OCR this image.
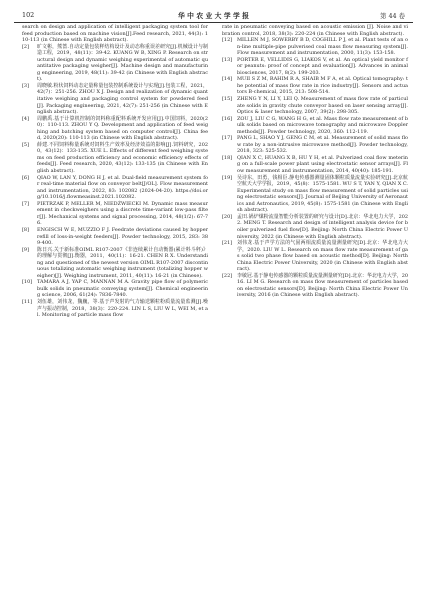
102	华 中 农 业 大 学 学 报	第 44 卷

search on design and application of intelligent packaging system tool for feed production based on machine vision[J].Feed research, 2021, 44(3): 110-113 (in Chinese with English abstract).

[2] 旷文彬，熊蔷.自动定量包装秤结构设计及动态称重误差研究[J].机械设计与制造工程，2019，48(11)：39-42. KUANG W B, XING P. Research on structural design and dynamic weighing experimental of automatic quantitative packaging weigher[J]. Machine design and manufacturing engineering, 2019, 48(11): 39-42 (in Chinese with English abstract).

[3] 周晓敏.粉状饲料动态定量称量包装控制系统设计与实现[J].包装工程，2021，42(7)：251-256. ZHOU X J. Design and realization of dynamic quantitative weighing and packaging control system for powdered feed[J]. Packaging engineering, 2021, 42(7): 251-256 (in Chinese with English abstract).

[4] 周鹏禹.基于计算机控制的饲料称重配料系统开发应用[J].中国饲料，2020(20)：110-113. ZHOU Y Q. Development and application of feed weighing and batching system based on computer control[J]. China feed, 2020(20): 110-113 (in Chinese with English abstract).

[5] 薛建.不同饲料称量系统对饲料生产效率及经济效益的影响[J].饲料研究，2020，43(12)：133-135. XUE L. Effects of different feed weighing systems on feed production efficiency and economic efficiency effects of feeds[J]. Feed research, 2020, 43(12): 133-135 (in Chinese with English abstract).

[6] QIAO W, LAN Y, DONG H J, et al. Dual-field measurement system for real-time material flow on conveyor belt[J/OL]. Flow measurement and instrumentation, 2022, 83: 102082 (2024-04-20). https://doi.org/10.1016/j.flowmeasinst.2021.102082.

[7] PIETRZAK P, MELLER M, NIEDŹWIECKI M. Dynamic mass measurement in checkweighers using a discrete time-variant low-pass filter[J]. Mechanical systems and signal processing, 2014, 48(1/2): 67-76.

[8] ENGISCH W E, MUZZIO F J. Feedrate deviations caused by hopper refill of loss-in-weight feeders[J]. Powder technology, 2015, 283: 389-400.

[9] 陈日兴.关于新标准OIML R107-2007《非连续累计自动衡器(累计料斗秤)》的理解与贯彻[J].衡器，2011，40(11)：16-21. CHEN R X. Understanding and questioned of the newest version OIML R107-2007 discontinuous totalizing automatic weighing instrument (totalizing hopper weigher)[J]. Weighing instrument, 2011, 40(11): 16-21 (in Chinese).

[10] TAMARA A J, YAP C, MANNAN M A. Gravity pipe flow of polymeric bulk solids in pneumatic conveying system[J]. Chemical engineering science, 2006, 61(24): 7836-7840.

[11] 刘伍雄，刘伟龙，魏巍，等.基于声发射的气力输送颗粒粉质量流量监测[J].噪声与振动控制，2018，38(3)：220-224. LIN L S, LIU W L, WEI M, et al. Monitoring of particle mass flow

rate in pneumatic conveying based on acoustic emission [J]. Noise and vibration control, 2018, 38(3): 220-224 (in Chinese with English abstract).

[12] MILLEN M J, SOWERBY B D, COGHILL P J, et al. Plant tests of an on-line multiple-pipe pulverised coal mass flow measuring system[J]. Flow measurement and instrumentation, 2000, 11(3): 153-158.

[13] PORTER E, VELLIDIS G, LIAKOS V, et al. An optical yield monitor for peanuts: proof of concept and evaluation[J]. Advances in animal biosciences, 2017, 8(2): 199-203.

[14] MUII S Z M, RAHIM R A, SHAIB M F A, et al. Optical tomography: the potential of mass flow rate in rice industry[J]. Sensors and actuators B-chemical, 2015, 213: 508-514.

[15] ZHENG Y N, LI Y, LEI Q. Measurement of mass flow rate of particulate solids in gravity chute conveyor based on laser sensing array[J]. Optics & laser technology, 2007, 39(2): 298-305.

[16] ZOU J, LIU C G, WANG H G, et al. Mass flow rate measurement of bulk solids based on microwave tomography and microwave Doppler methods[J]. Powder technology, 2020, 360: 112-119.

[17] PANG L, SHAO Y J, GENG C M, et al. Measurement of solid mass flow rate by a non-intrusive microwave method[J]. Powder technology, 2018, 323: 525-532.

[18] QIAN X C, HUANG X B, HU Y H, et al. Pulverized coal flow metering on a full-scale power plant using electrostatic sensor arrays[J]. Flow measurement and instrumentation, 2014, 40(40): 185-191.

[19] 吴诗东，田勇，钱相臣.静电传感器测量固体颗粒质量流量实验研究[J].北京航空航天大学学报，2019，45(8)：1575-1581. WU S T, YAN Y, QIAN X C. Experimental study on mass flow measurement of solid particles using electrostatic sensors[J]. Journal of Beijing University of Aeronautics and Astronautics, 2019, 45(8): 1575-1581 (in Chinese with English abstract).

[20] 孟田.锅炉煤粉流量智能分析装置的研究与设计[D].北京：华北电力大学，2022. MENG T. Research and design of intelligent analysis device for boiler pulverized fuel flow[D]. Beijing: North China Electric Power University, 2022 (in Chinese with English abstract).

[21] 刘伟龙.基于声学方法的气固两相流质量流量测量研究[D].北京：华北电力大学，2020. LIU W L. Research on mass flow rate measurement of gas solid two phase flow based on acoustic method[D]. Beijing: North China Electric Power University, 2020 (in Chinese with English abstract).

[22] 李敏冠.基于静电传感器的颗粒质量流量测量研究[D].北京：华北电力大学，2016. LI M G. Research on mass flow measurement of particles based on electrostatic sensors[D]. Beijing: North China Electric Power University, 2016 (in Chinese with English abstract).
